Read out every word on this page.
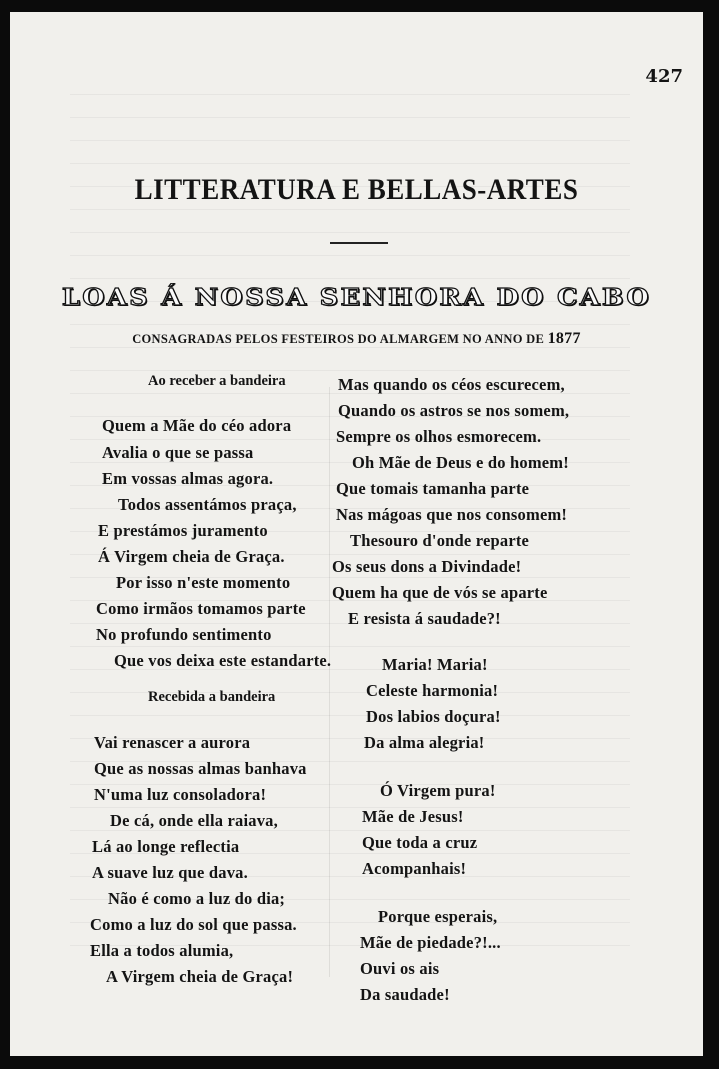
427
LITTERATURA E BELLAS-ARTES
LOAS Á NOSSA SENHORA DO CABO
CONSAGRADAS PELOS FESTEIROS DO ALMARGEM NO ANNO DE 1877
Ao receber a bandeira
Quem a Mãe do céo adora
Avalia o que se passa
Em vossas almas agora.
Todos assentámos praça,
E prestámos juramento
Á Virgem cheia de Graça.
Por isso n'este momento
Como irmãos tomamos parte
No profundo sentimento
Que vos deixa este estandarte.
Recebida a bandeira
Vai renascer a aurora
Que as nossas almas banhava
N'uma luz consoladora!
De cá, onde ella raiava,
Lá ao longe reflectia
A suave luz que dava.
Não é como a luz do dia;
Como a luz do sol que passa.
Ella a todos alumia,
A Virgem cheia de Graça!
Mas quando os céos escurecem,
Quando os astros se nos somem,
Sempre os olhos esmorecem.
Oh Mãe de Deus e do homem!
Que tomais tamanha parte
Nas mágoas que nos consomem!
Thesouro d'onde reparte
Os seus dons a Divindade!
Quem ha que de vós se aparte
E resista á saudade?!
Maria! Maria!
Celeste harmonia!
Dos labios doçura!
Da alma alegria!
Ó Virgem pura!
Mãe de Jesus!
Que toda a cruz
Acompanhais!
Porque esperais,
Mãe de piedade?!...
Ouvi os ais
Da saudade!
